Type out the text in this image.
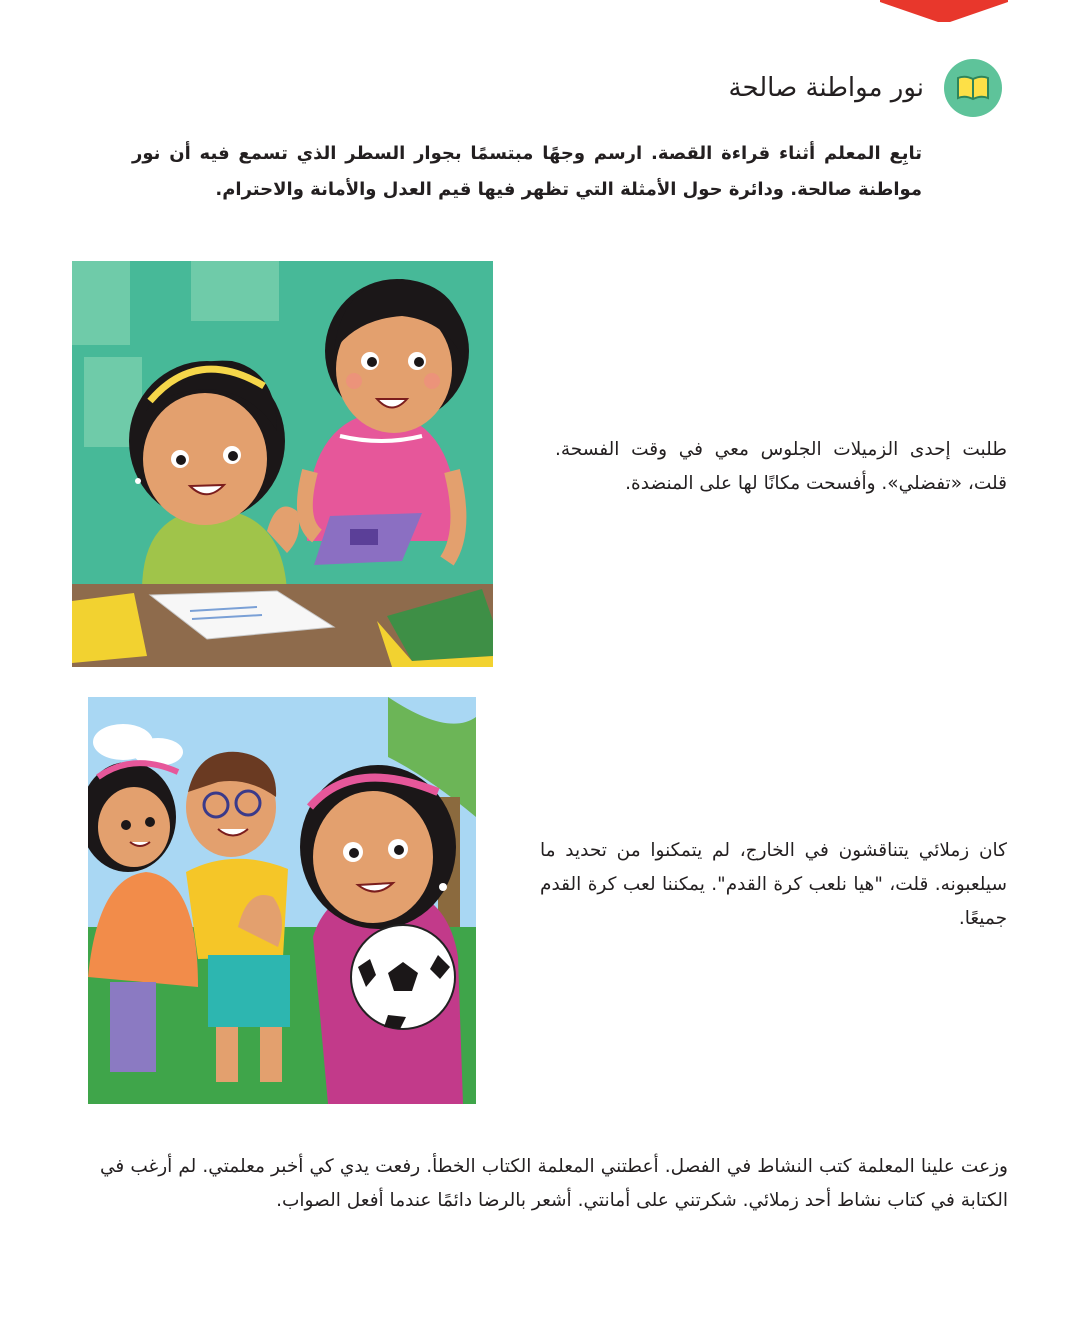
نور مواطنة صالحة
تابِع المعلم أثناء قراءة القصة. ارسم وجهًا مبتسمًا بجوار السطر الذي تسمع فيه أن نور مواطنة صالحة. ودائرة حول الأمثلة التي تظهر فيها قيم العدل والأمانة والاحترام.
طلبت إحدى الزميلات الجلوس معي في وقت الفسحة. قلت، «تفضلي». وأفسحت مكانًا لها على المنضدة.
كان زملائي يتناقشون في الخارج، لم يتمكنوا من تحديد ما سيلعبونه. قلت، "هيا نلعب كرة القدم". يمكننا لعب كرة القدم جميعًا.
وزعت علينا المعلمة كتب النشاط في الفصل. أعطتني المعلمة الكتاب الخطأ. رفعت يدي كي أخبر معلمتي. لم أرغب في الكتابة في كتاب نشاط أحد زملائي. شكرتني على أمانتي. أشعر بالرضا دائمًا عندما أفعل الصواب.
